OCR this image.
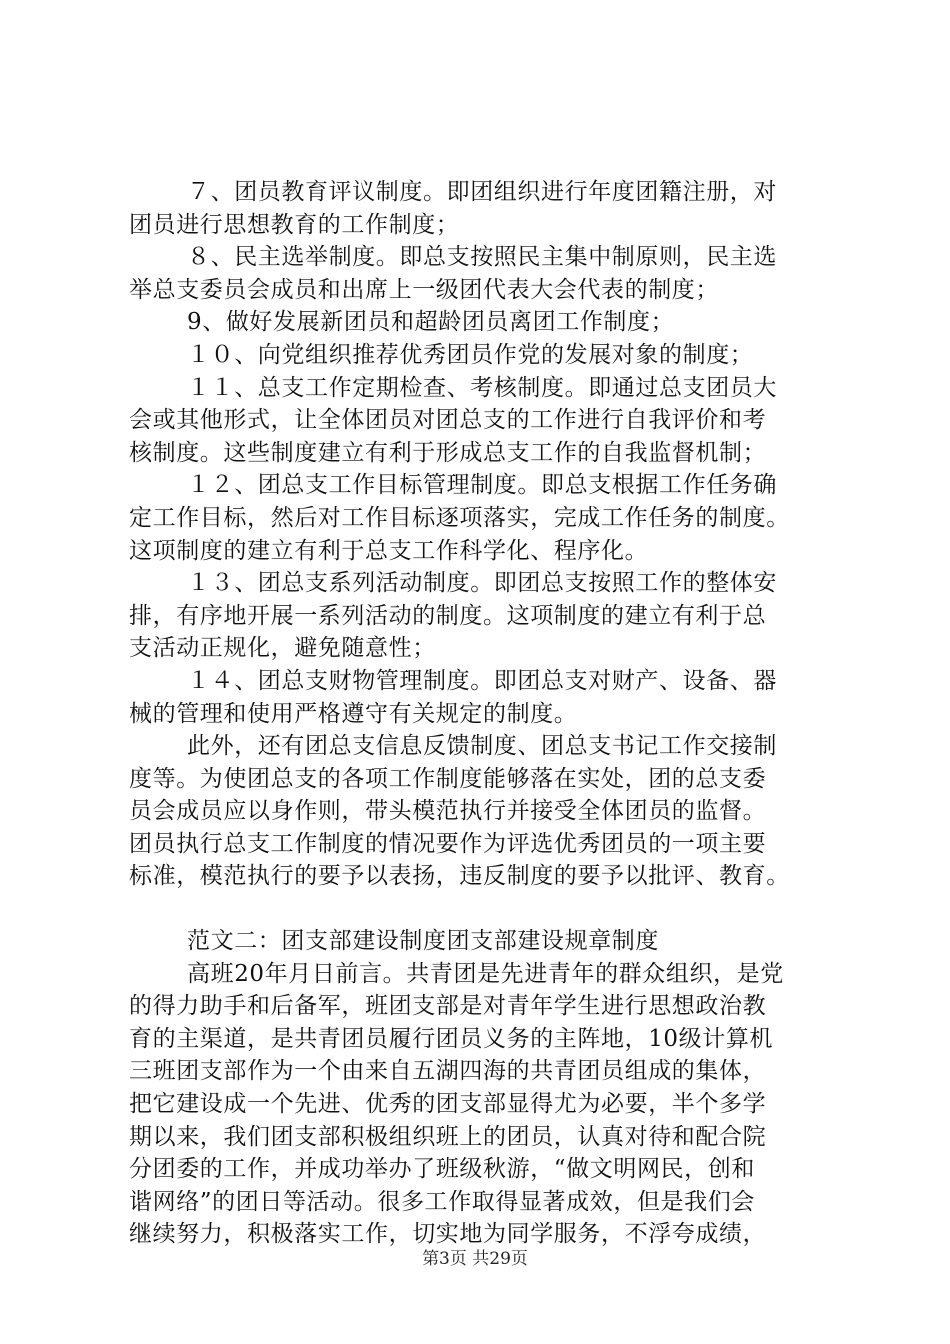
７、团员教育评议制度。即团组织进行年度团籍注册，对
团员进行思想教育的工作制度；
８、民主选举制度。即总支按照民主集中制原则，民主选
举总支委员会成员和出席上一级团代表大会代表的制度；
9、做好发展新团员和超龄团员离团工作制度；
１０、向党组织推荐优秀团员作党的发展对象的制度；
１１、总支工作定期检查、考核制度。即通过总支团员大
会或其他形式，让全体团员对团总支的工作进行自我评价和考
核制度。这些制度建立有利于形成总支工作的自我监督机制；
１２、团总支工作目标管理制度。即总支根据工作任务确
定工作目标，然后对工作目标逐项落实，完成工作任务的制度。
这项制度的建立有利于总支工作科学化、程序化。
１３、团总支系列活动制度。即团总支按照工作的整体安
排，有序地开展一系列活动的制度。这项制度的建立有利于总
支活动正规化，避免随意性；
１４、团总支财物管理制度。即团总支对财产、设备、器
械的管理和使用严格遵守有关规定的制度。
此外，还有团总支信息反馈制度、团总支书记工作交接制
度等。为使团总支的各项工作制度能够落在实处，团的总支委
员会成员应以身作则，带头模范执行并接受全体团员的监督。
团员执行总支工作制度的情况要作为评选优秀团员的一项主要
标准，模范执行的要予以表扬，违反制度的要予以批评、教育。
范文二：团支部建设制度团支部建设规章制度
高班20年月日前言。共青团是先进青年的群众组织，是党
的得力助手和后备军，班团支部是对青年学生进行思想政治教
育的主渠道，是共青团员履行团员义务的主阵地，10级计算机
三班团支部作为一个由来自五湖四海的共青团员组成的集体，
把它建设成一个先进、优秀的团支部显得尤为必要，半个多学
期以来，我们团支部积极组织班上的团员，认真对待和配合院
分团委的工作，并成功举办了班级秋游，“做文明网民，创和
谐网络”的团日等活动。很多工作取得显著成效，但是我们会
继续努力，积极落实工作，切实地为同学服务，不浮夸成绩，
第3页 共29页
